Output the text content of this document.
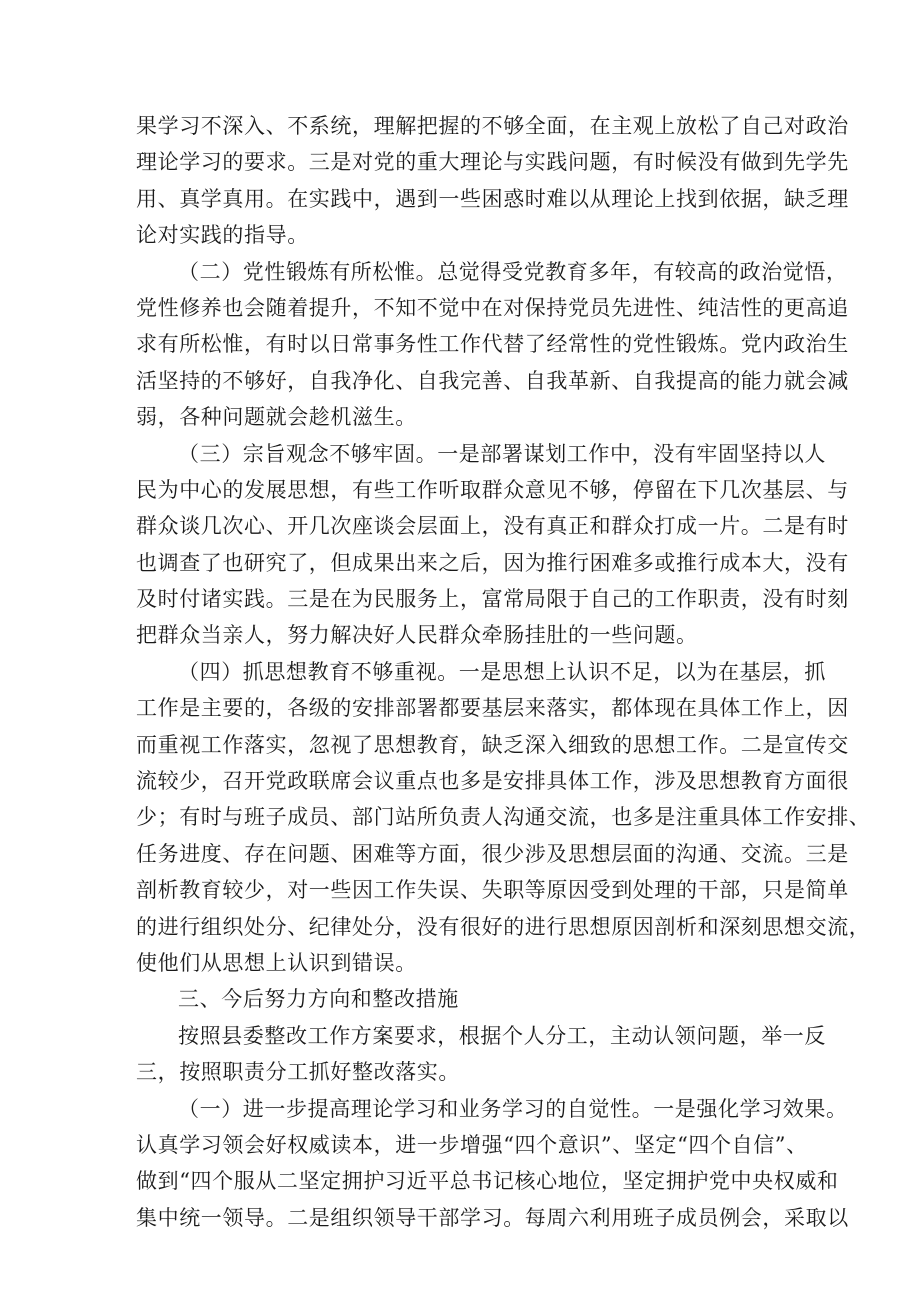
果学习不深入、不系统，理解把握的不够全面，在主观上放松了自己对政治
理论学习的要求。三是对党的重大理论与实践问题，有时候没有做到先学先
用、真学真用。在实践中，遇到一些困惑时难以从理论上找到依据，缺乏理
论对实践的指导。
（二）党性锻炼有所松惟。总觉得受党教育多年，有较高的政治觉悟，
党性修养也会随着提升，不知不觉中在对保持党员先进性、纯洁性的更高追
求有所松惟，有时以日常事务性工作代替了经常性的党性锻炼。党内政治生
活坚持的不够好，自我净化、自我完善、自我革新、自我提高的能力就会减
弱，各种问题就会趁机滋生。
（三）宗旨观念不够牢固。一是部署谋划工作中，没有牢固坚持以人
民为中心的发展思想，有些工作听取群众意见不够，停留在下几次基层、与
群众谈几次心、开几次座谈会层面上，没有真正和群众打成一片。二是有时
也调查了也研究了，但成果出来之后，因为推行困难多或推行成本大，没有
及时付诸实践。三是在为民服务上，富常局限于自己的工作职责，没有时刻
把群众当亲人，努力解决好人民群众牵肠挂肚的一些问题。
（四）抓思想教育不够重视。一是思想上认识不足，以为在基层，抓
工作是主要的，各级的安排部署都要基层来落实，都体现在具体工作上，因
而重视工作落实，忽视了思想教育，缺乏深入细致的思想工作。二是宣传交
流较少，召开党政联席会议重点也多是安排具体工作，涉及思想教育方面很
少；有时与班子成员、部门站所负责人沟通交流，也多是注重具体工作安排、
任务进度、存在问题、困难等方面，很少涉及思想层面的沟通、交流。三是
剖析教育较少，对一些因工作失误、失职等原因受到处理的干部，只是简单
的进行组织处分、纪律处分，没有很好的进行思想原因剖析和深刻思想交流，
使他们从思想上认识到错误。
三、今后努力方向和整改措施
按照县委整改工作方案要求，根据个人分工，主动认领问题，举一反
三，按照职责分工抓好整改落实。
（一）进一步提高理论学习和业务学习的自觉性。一是强化学习效果。
认真学习领会好权威读本，进一步增强“四个意识”、坚定“四个自信”、
做到“四个服从二坚定拥护习近平总书记核心地位，坚定拥护党中央权威和
集中统一领导。二是组织领导干部学习。每周六利用班子成员例会，采取以
